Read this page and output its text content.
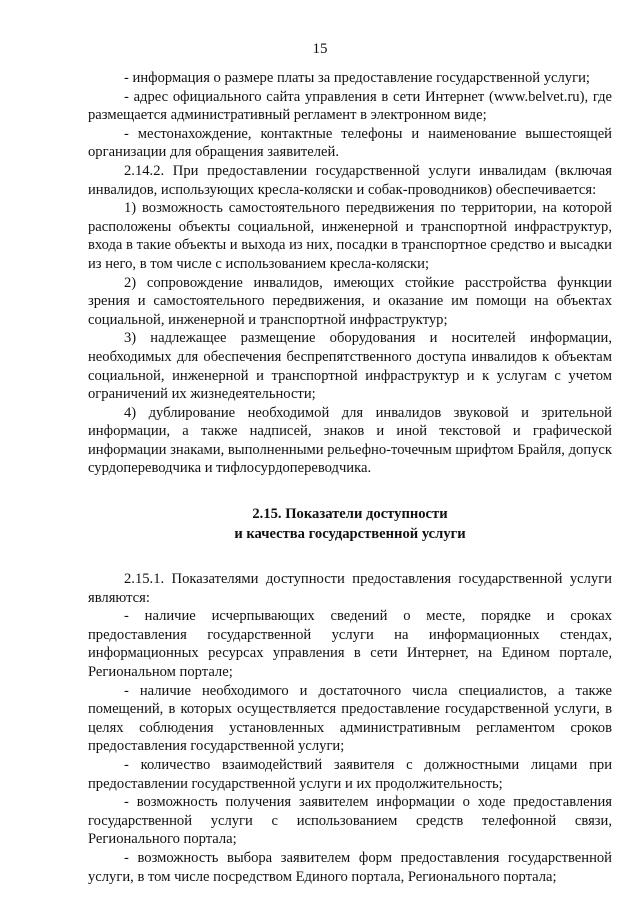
15

- информация о размере платы за предоставление государственной услуги;

- адрес официального сайта управления в сети Интернет (www.belvet.ru), где размещается административный регламент в электронном виде;

- местонахождение, контактные телефоны и наименование вышестоящей организации для обращения заявителей.

2.14.2. При предоставлении государственной услуги инвалидам (включая инвалидов, использующих кресла-коляски и собак-проводников) обеспечивается:

1) возможность самостоятельного передвижения по территории, на которой расположены объекты социальной, инженерной и транспортной инфраструктур, входа в такие объекты и выхода из них, посадки в транспортное средство и высадки из него, в том числе с использованием кресла-коляски;

2) сопровождение инвалидов, имеющих стойкие расстройства функции зрения и самостоятельного передвижения, и оказание им помощи на объектах социальной, инженерной и транспортной инфраструктур;

3) надлежащее размещение оборудования и носителей информации, необходимых для обеспечения беспрепятственного доступа инвалидов к объектам социальной, инженерной и транспортной инфраструктур и к услугам с учетом ограничений их жизнедеятельности;

4) дублирование необходимой для инвалидов звуковой и зрительной информации, а также надписей, знаков и иной текстовой и графической информации знаками, выполненными рельефно-точечным шрифтом Брайля, допуск сурдопереводчика и тифлосурдопереводчика.

2.15. Показатели доступности
и качества государственной услуги

2.15.1. Показателями доступности предоставления государственной услуги являются:

- наличие исчерпывающих сведений о месте, порядке и сроках предоставления государственной услуги на информационных стендах, информационных ресурсах управления в сети Интернет, на Едином портале, Региональном портале;

- наличие необходимого и достаточного числа специалистов, а также помещений, в которых осуществляется предоставление государственной услуги, в целях соблюдения установленных административным регламентом сроков предоставления государственной услуги;

- количество взаимодействий заявителя с должностными лицами при предоставлении государственной услуги и их продолжительность;

- возможность получения заявителем информации о ходе предоставления государственной услуги с использованием средств телефонной связи, Регионального портала;

- возможность выбора заявителем форм предоставления государственной услуги, в том числе посредством Единого портала, Регионального портала;
